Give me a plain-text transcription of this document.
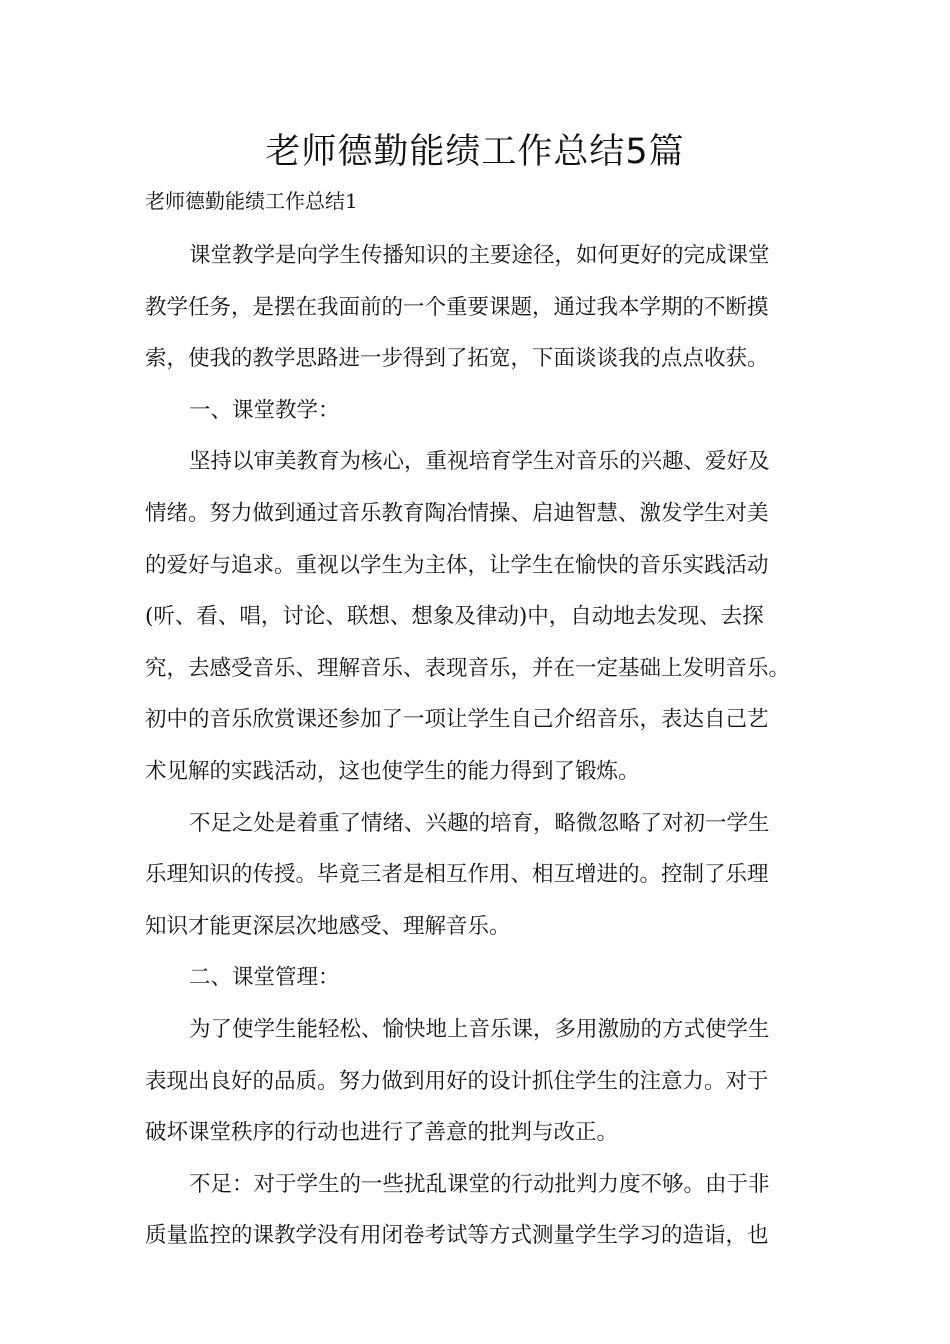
老师德勤能绩工作总结5篇
老师德勤能绩工作总结1

课堂教学是向学生传播知识的主要途径，如何更好的完成课堂
教学任务，是摆在我面前的一个重要课题，通过我本学期的不断摸
索，使我的教学思路进一步得到了拓宽，下面谈谈我的点点收获。

一、课堂教学：

坚持以审美教育为核心，重视培育学生对音乐的兴趣、爱好及
情绪。努力做到通过音乐教育陶冶情操、启迪智慧、激发学生对美
的爱好与追求。重视以学生为主体，让学生在愉快的音乐实践活动
(听、看、唱，讨论、联想、想象及律动)中，自动地去发现、去探
究，去感受音乐、理解音乐、表现音乐，并在一定基础上发明音乐。
初中的音乐欣赏课还参加了一项让学生自己介绍音乐，表达自己艺
术见解的实践活动，这也使学生的能力得到了锻炼。

不足之处是着重了情绪、兴趣的培育，略微忽略了对初一学生
乐理知识的传授。毕竟三者是相互作用、相互增进的。控制了乐理
知识才能更深层次地感受、理解音乐。

二、课堂管理：

为了使学生能轻松、愉快地上音乐课，多用激励的方式使学生
表现出良好的品质。努力做到用好的设计抓住学生的注意力。对于
破坏课堂秩序的行动也进行了善意的批判与改正。

不足：对于学生的一些扰乱课堂的行动批判力度不够。由于非
质量监控的课教学没有用闭卷考试等方式测量学生学习的造诣，也
